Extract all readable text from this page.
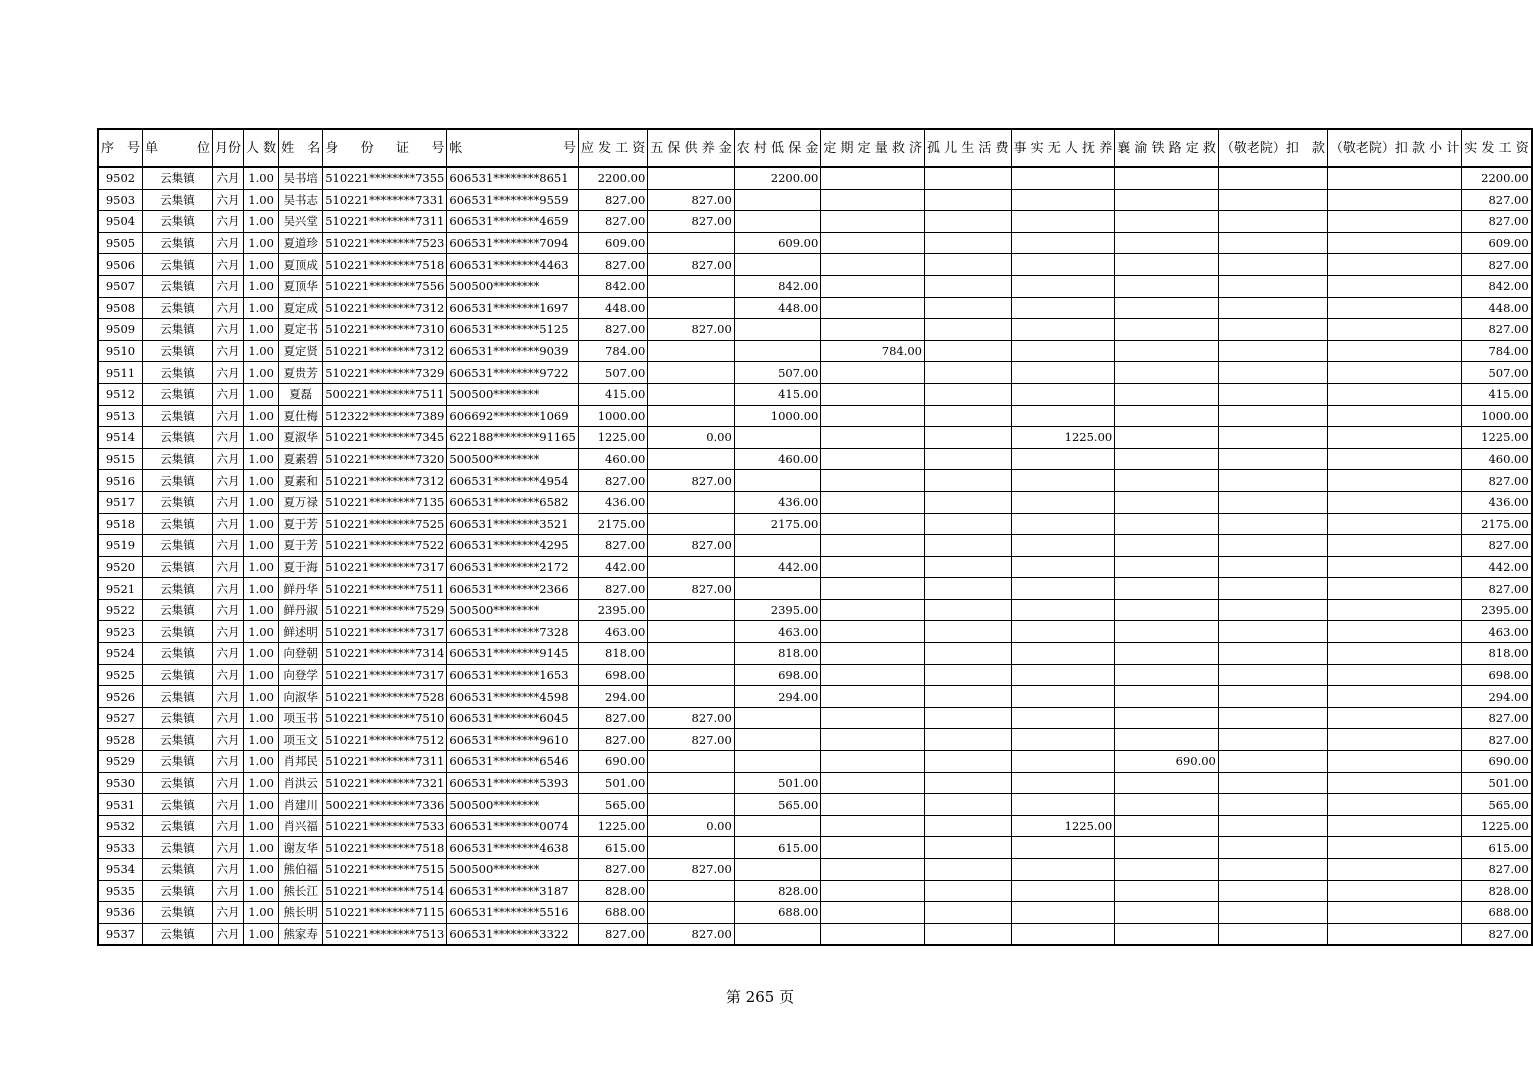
序　号	单　　　位	月份	人 数	姓　名	身　份　证　号	帐　　　　号	应 发 工 资	五 保 供 养 金	农 村 低 保 金	定 期 定 量 救 济	孤 儿 生 活 费	事 实 无 人 抚 养	襄 渝 铁 路 定 救	（敬老院）扣　款	（敬老院）扣 款 小 计	实 发 工 资
9502	云集镇	六月	1.00	吴书培	510221********7355	606531********8651	2200.00		2200.00							2200.00
9503	云集镇	六月	1.00	吴书志	510221********7331	606531********9559	827.00	827.00								827.00
9504	云集镇	六月	1.00	吴兴堂	510221********7311	606531********4659	827.00	827.00								827.00
9505	云集镇	六月	1.00	夏道珍	510221********7523	606531********7094	609.00		609.00							609.00
9506	云集镇	六月	1.00	夏顶成	510221********7518	606531********4463	827.00	827.00								827.00
9507	云集镇	六月	1.00	夏顶华	510221********7556	500500********	842.00		842.00							842.00
9508	云集镇	六月	1.00	夏定成	510221********7312	606531********1697	448.00		448.00							448.00
9509	云集镇	六月	1.00	夏定书	510221********7310	606531********5125	827.00	827.00								827.00
9510	云集镇	六月	1.00	夏定贤	510221********7312	606531********9039	784.00			784.00						784.00
9511	云集镇	六月	1.00	夏贵芳	510221********7329	606531********9722	507.00		507.00							507.00
9512	云集镇	六月	1.00	夏磊	500221********7511	500500********	415.00		415.00							415.00
9513	云集镇	六月	1.00	夏仕梅	512322********7389	606692********1069	1000.00		1000.00							1000.00
9514	云集镇	六月	1.00	夏淑华	510221********7345	622188********91165	1225.00	0.00				1225.00				1225.00
9515	云集镇	六月	1.00	夏素碧	510221********7320	500500********	460.00		460.00							460.00
9516	云集镇	六月	1.00	夏素和	510221********7312	606531********4954	827.00	827.00								827.00
9517	云集镇	六月	1.00	夏万禄	510221********7135	606531********6582	436.00		436.00							436.00
9518	云集镇	六月	1.00	夏于芳	510221********7525	606531********3521	2175.00		2175.00							2175.00
9519	云集镇	六月	1.00	夏于芳	510221********7522	606531********4295	827.00	827.00								827.00
9520	云集镇	六月	1.00	夏于海	510221********7317	606531********2172	442.00		442.00							442.00
9521	云集镇	六月	1.00	鲜丹华	510221********7511	606531********2366	827.00	827.00								827.00
9522	云集镇	六月	1.00	鲜丹淑	510221********7529	500500********	2395.00		2395.00							2395.00
9523	云集镇	六月	1.00	鲜述明	510221********7317	606531********7328	463.00		463.00							463.00
9524	云集镇	六月	1.00	向登朝	510221********7314	606531********9145	818.00		818.00							818.00
9525	云集镇	六月	1.00	向登学	510221********7317	606531********1653	698.00		698.00							698.00
9526	云集镇	六月	1.00	向淑华	510221********7528	606531********4598	294.00		294.00							294.00
9527	云集镇	六月	1.00	项玉书	510221********7510	606531********6045	827.00	827.00								827.00
9528	云集镇	六月	1.00	项玉文	510221********7512	606531********9610	827.00	827.00								827.00
9529	云集镇	六月	1.00	肖邦民	510221********7311	606531********6546	690.00						690.00			690.00
9530	云集镇	六月	1.00	肖洪云	510221********7321	606531********5393	501.00		501.00							501.00
9531	云集镇	六月	1.00	肖建川	500221********7336	500500********	565.00		565.00							565.00
9532	云集镇	六月	1.00	肖兴福	510221********7533	606531********0074	1225.00	0.00				1225.00				1225.00
9533	云集镇	六月	1.00	谢友华	510221********7518	606531********4638	615.00		615.00							615.00
9534	云集镇	六月	1.00	熊伯福	510221********7515	500500********	827.00	827.00								827.00
9535	云集镇	六月	1.00	熊长江	510221********7514	606531********3187	828.00		828.00							828.00
9536	云集镇	六月	1.00	熊长明	510221********7115	606531********5516	688.00		688.00							688.00
9537	云集镇	六月	1.00	熊家寿	510221********7513	606531********3322	827.00	827.00								827.00
第 265 页
